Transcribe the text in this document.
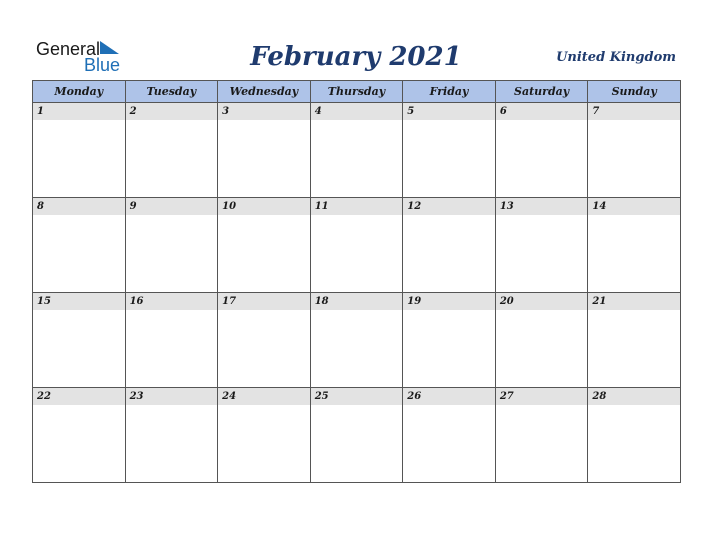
General
Blue	February 2021	United Kingdom
Monday	Tuesday	Wednesday	Thursday	Friday	Saturday	Sunday

1	2	3	4	5	6	7

8	9	10	11	12	13	14

15	16	17	18	19	20	21

22	23	24	25	26	27	28
